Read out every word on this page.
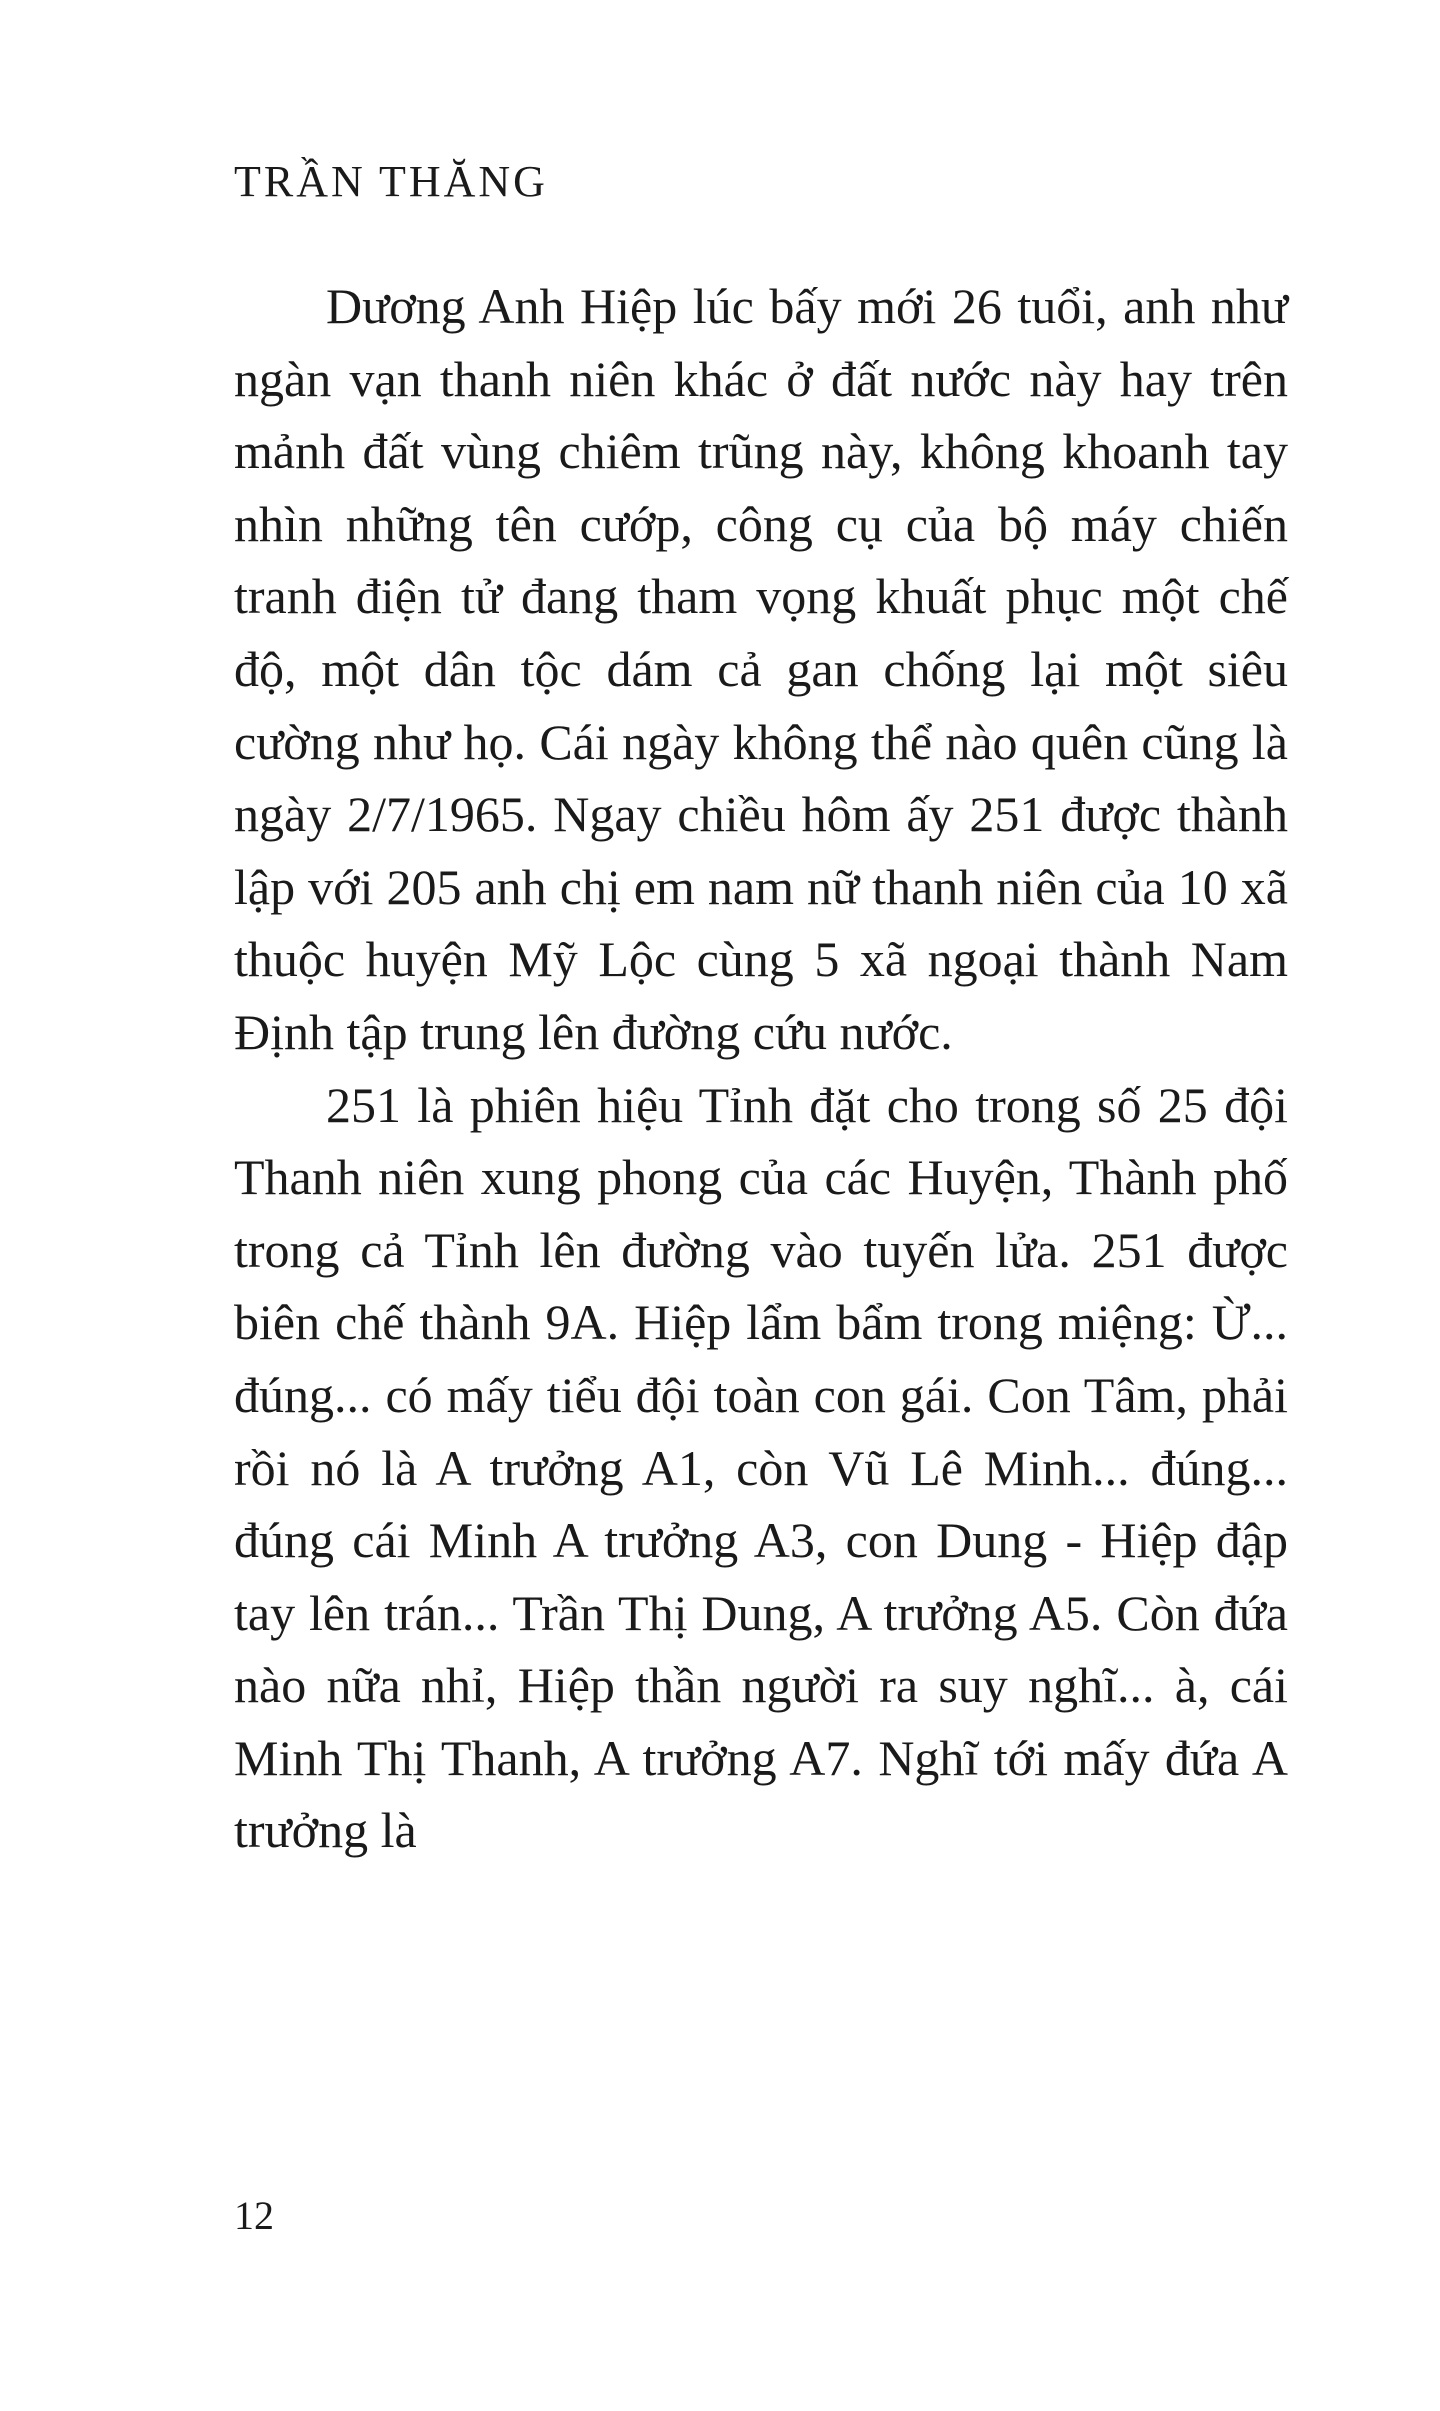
TRẦN THĂNG

Dương Anh Hiệp lúc bấy mới 26 tuổi, anh như ngàn vạn thanh niên khác ở đất nước này hay trên mảnh đất vùng chiêm trũng này, không khoanh tay nhìn những tên cướp, công cụ của bộ máy chiến tranh điện tử đang tham vọng khuất phục một chế độ, một dân tộc dám cả gan chống lại một siêu cường như họ. Cái ngày không thể nào quên cũng là ngày 2/7/1965. Ngay chiều hôm ấy 251 được thành lập với 205 anh chị em nam nữ thanh niên của 10 xã thuộc huyện Mỹ Lộc cùng 5 xã ngoại thành Nam Định tập trung lên đường cứu nước.

251 là phiên hiệu Tỉnh đặt cho trong số 25 đội Thanh niên xung phong của các Huyện, Thành phố trong cả Tỉnh lên đường vào tuyến lửa. 251 được biên chế thành 9A. Hiệp lẩm bẩm trong miệng: Ừ... đúng... có mấy tiểu đội toàn con gái. Con Tâm, phải rồi nó là A trưởng A1, còn Vũ Lê Minh... đúng... đúng cái Minh A trưởng A3, con Dung - Hiệp đập tay lên trán... Trần Thị Dung, A trưởng A5. Còn đứa nào nữa nhỉ, Hiệp thần người ra suy nghĩ... à, cái Minh Thị Thanh, A trưởng A7. Nghĩ tới mấy đứa A trưởng là

12
